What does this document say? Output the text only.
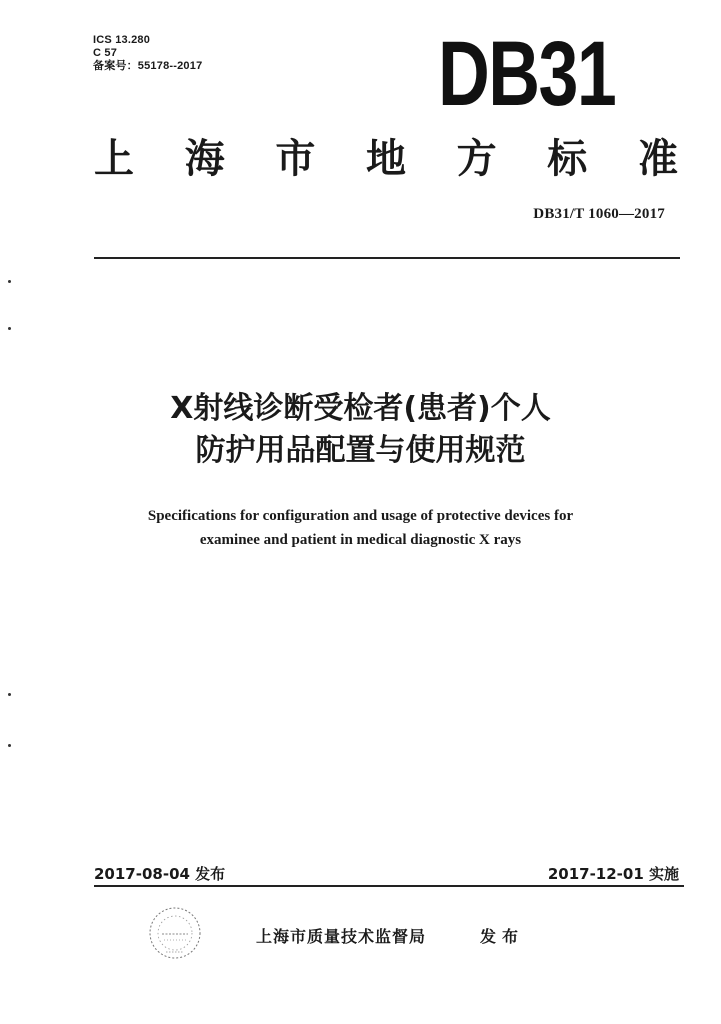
ICS 13.280
C 57
备案号：55178--2017	DB31
上 海 市 地 方 标 准
DB31/T 1060—2017
X射线诊断受检者(患者)个人
防护用品配置与使用规范
Specifications for configuration and usage of protective devices for
examinee and patient in medical diagnostic X rays
2017-08-04 发布	2017-12-01 实施
上海市质量技术监督局	发布
